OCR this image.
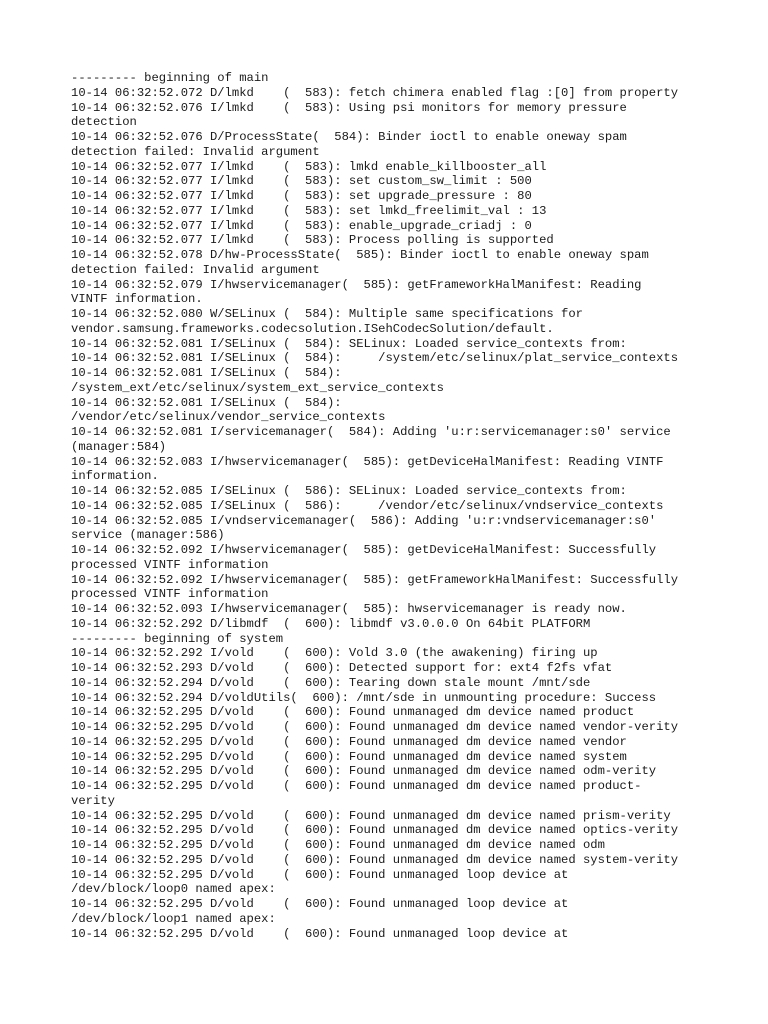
--------- beginning of main
10-14 06:32:52.072 D/lmkd    (  583): fetch chimera enabled flag :[0] from property
10-14 06:32:52.076 I/lmkd    (  583): Using psi monitors for memory pressure
detection
10-14 06:32:52.076 D/ProcessState(  584): Binder ioctl to enable oneway spam
detection failed: Invalid argument
10-14 06:32:52.077 I/lmkd    (  583): lmkd enable_killbooster_all
10-14 06:32:52.077 I/lmkd    (  583): set custom_sw_limit : 500
10-14 06:32:52.077 I/lmkd    (  583): set upgrade_pressure : 80
10-14 06:32:52.077 I/lmkd    (  583): set lmkd_freelimit_val : 13
10-14 06:32:52.077 I/lmkd    (  583): enable_upgrade_criadj : 0
10-14 06:32:52.077 I/lmkd    (  583): Process polling is supported
10-14 06:32:52.078 D/hw-ProcessState(  585): Binder ioctl to enable oneway spam
detection failed: Invalid argument
10-14 06:32:52.079 I/hwservicemanager(  585): getFrameworkHalManifest: Reading
VINTF information.
10-14 06:32:52.080 W/SELinux (  584): Multiple same specifications for
vendor.samsung.frameworks.codecsolution.ISehCodecSolution/default.
10-14 06:32:52.081 I/SELinux (  584): SELinux: Loaded service_contexts from:
10-14 06:32:52.081 I/SELinux (  584):     /system/etc/selinux/plat_service_contexts
10-14 06:32:52.081 I/SELinux (  584):
/system_ext/etc/selinux/system_ext_service_contexts
10-14 06:32:52.081 I/SELinux (  584):
/vendor/etc/selinux/vendor_service_contexts
10-14 06:32:52.081 I/servicemanager(  584): Adding 'u:r:servicemanager:s0' service
(manager:584)
10-14 06:32:52.083 I/hwservicemanager(  585): getDeviceHalManifest: Reading VINTF
information.
10-14 06:32:52.085 I/SELinux (  586): SELinux: Loaded service_contexts from:
10-14 06:32:52.085 I/SELinux (  586):     /vendor/etc/selinux/vndservice_contexts
10-14 06:32:52.085 I/vndservicemanager(  586): Adding 'u:r:vndservicemanager:s0'
service (manager:586)
10-14 06:32:52.092 I/hwservicemanager(  585): getDeviceHalManifest: Successfully
processed VINTF information
10-14 06:32:52.092 I/hwservicemanager(  585): getFrameworkHalManifest: Successfully
processed VINTF information
10-14 06:32:52.093 I/hwservicemanager(  585): hwservicemanager is ready now.
10-14 06:32:52.292 D/libmdf  (  600): libmdf v3.0.0.0 On 64bit PLATFORM
--------- beginning of system
10-14 06:32:52.292 I/vold    (  600): Vold 3.0 (the awakening) firing up
10-14 06:32:52.293 D/vold    (  600): Detected support for: ext4 f2fs vfat
10-14 06:32:52.294 D/vold    (  600): Tearing down stale mount /mnt/sde
10-14 06:32:52.294 D/voldUtils(  600): /mnt/sde in unmounting procedure: Success
10-14 06:32:52.295 D/vold    (  600): Found unmanaged dm device named product
10-14 06:32:52.295 D/vold    (  600): Found unmanaged dm device named vendor-verity
10-14 06:32:52.295 D/vold    (  600): Found unmanaged dm device named vendor
10-14 06:32:52.295 D/vold    (  600): Found unmanaged dm device named system
10-14 06:32:52.295 D/vold    (  600): Found unmanaged dm device named odm-verity
10-14 06:32:52.295 D/vold    (  600): Found unmanaged dm device named product-
verity
10-14 06:32:52.295 D/vold    (  600): Found unmanaged dm device named prism-verity
10-14 06:32:52.295 D/vold    (  600): Found unmanaged dm device named optics-verity
10-14 06:32:52.295 D/vold    (  600): Found unmanaged dm device named odm
10-14 06:32:52.295 D/vold    (  600): Found unmanaged dm device named system-verity
10-14 06:32:52.295 D/vold    (  600): Found unmanaged loop device at
/dev/block/loop0 named apex:
10-14 06:32:52.295 D/vold    (  600): Found unmanaged loop device at
/dev/block/loop1 named apex:
10-14 06:32:52.295 D/vold    (  600): Found unmanaged loop device at
